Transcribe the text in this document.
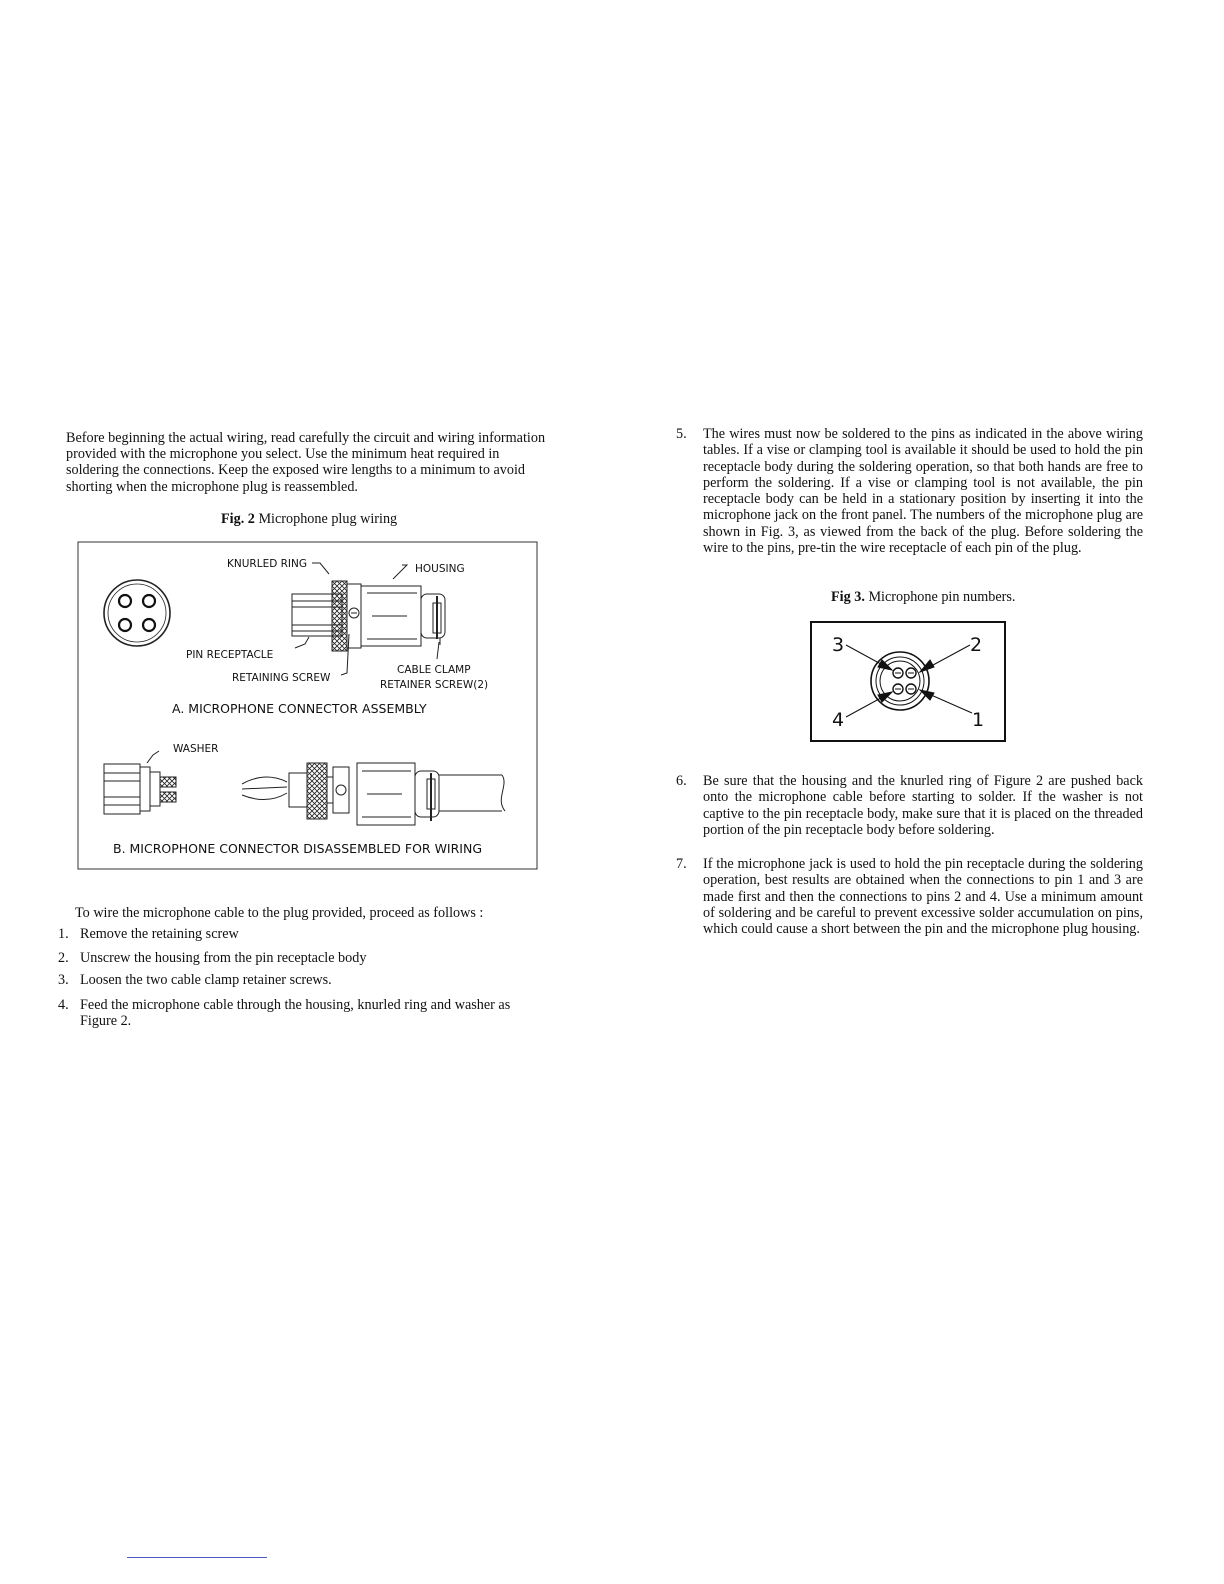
Before beginning the actual wiring, read carefully the circuit and wiring information
provided with the microphone you select. Use the minimum heat required in
soldering the connections. Keep the exposed wire lengths to a minimum to avoid
shorting when the microphone plug is reassembled.
Fig. 2 Microphone plug wiring
KNURLED RING	HOUSING
PIN RECEPTACLE
RETAINING SCREW
CABLE CLAMP
RETAINER SCREW(2)
A. MICROPHONE CONNECTOR ASSEMBLY
WASHER
B. MICROPHONE CONNECTOR DISASSEMBLED FOR WIRING
To wire the microphone cable to the plug provided, proceed as follows :
1. Remove the retaining screw
2. Unscrew the housing from the pin receptacle body
3. Loosen the two cable clamp retainer screws.
4. Feed the microphone cable through the housing, knurled ring and washer as
Figure 2.
5. The wires must now be soldered to the pins as indicated in the above wiring tables. If a vise or clamping tool is available it should be used to hold the pin receptacle body during the soldering operation, so that both hands are free to perform the soldering. If a vise or clamping tool is not available, the pin receptacle body can be held in a stationary position by inserting it into the microphone jack on the front panel. The numbers of the microphone plug are shown in Fig. 3, as viewed from the back of the plug. Before soldering the wire to the pins, pre-tin the wire receptacle of each pin of the plug.
Fig 3. Microphone pin numbers.
3	2
4	1
6. Be sure that the housing and the knurled ring of Figure 2 are pushed back onto the microphone cable before starting to solder. If the washer is not captive to the pin receptacle body, make sure that it is placed on the threaded portion of the pin receptacle body before soldering.
7. If the microphone jack is used to hold the pin receptacle during the soldering operation, best results are obtained when the connections to pin 1 and 3 are made first and then the connections to pins 2 and 4. Use a minimum amount of soldering and be careful to prevent excessive solder accumulation on pins, which could cause a short between the pin and the microphone plug housing.
